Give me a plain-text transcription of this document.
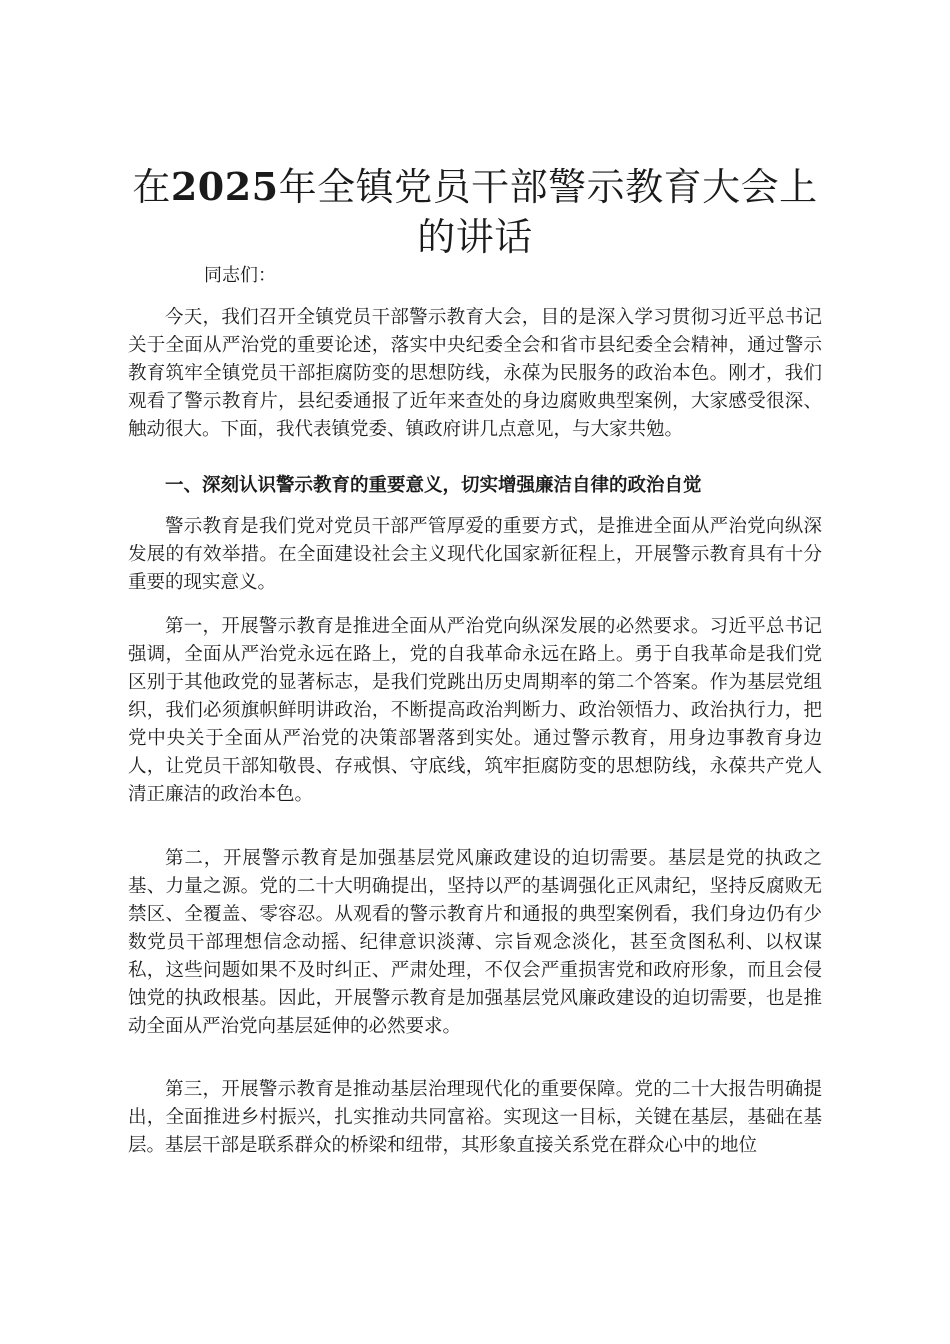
在2025年全镇党员干部警示教育大会上的讲话

同志们：

今天，我们召开全镇党员干部警示教育大会，目的是深入学习贯彻习近平总书记关于全面从严治党的重要论述，落实中央纪委全会和省市县纪委全会精神，通过警示教育筑牢全镇党员干部拒腐防变的思想防线，永葆为民服务的政治本色。刚才，我们观看了警示教育片，县纪委通报了近年来查处的身边腐败典型案例，大家感受很深、触动很大。下面，我代表镇党委、镇政府讲几点意见，与大家共勉。

一、深刻认识警示教育的重要意义，切实增强廉洁自律的政治自觉

警示教育是我们党对党员干部严管厚爱的重要方式，是推进全面从严治党向纵深发展的有效举措。在全面建设社会主义现代化国家新征程上，开展警示教育具有十分重要的现实意义。

第一，开展警示教育是推进全面从严治党向纵深发展的必然要求。习近平总书记强调，全面从严治党永远在路上，党的自我革命永远在路上。勇于自我革命是我们党区别于其他政党的显著标志，是我们党跳出历史周期率的第二个答案。作为基层党组织，我们必须旗帜鲜明讲政治，不断提高政治判断力、政治领悟力、政治执行力，把党中央关于全面从严治党的决策部署落到实处。通过警示教育，用身边事教育身边人，让党员干部知敬畏、存戒惧、守底线，筑牢拒腐防变的思想防线，永葆共产党人清正廉洁的政治本色。

第二，开展警示教育是加强基层党风廉政建设的迫切需要。基层是党的执政之基、力量之源。党的二十大明确提出，坚持以严的基调强化正风肃纪，坚持反腐败无禁区、全覆盖、零容忍。从观看的警示教育片和通报的典型案例看，我们身边仍有少数党员干部理想信念动摇、纪律意识淡薄、宗旨观念淡化，甚至贪图私利、以权谋私，这些问题如果不及时纠正、严肃处理，不仅会严重损害党和政府形象，而且会侵蚀党的执政根基。因此，开展警示教育是加强基层党风廉政建设的迫切需要，也是推动全面从严治党向基层延伸的必然要求。

第三，开展警示教育是推动基层治理现代化的重要保障。党的二十大报告明确提出，全面推进乡村振兴，扎实推动共同富裕。实现这一目标，关键在基层，基础在基层。基层干部是联系群众的桥梁和纽带，其形象直接关系党在群众心中的地位
